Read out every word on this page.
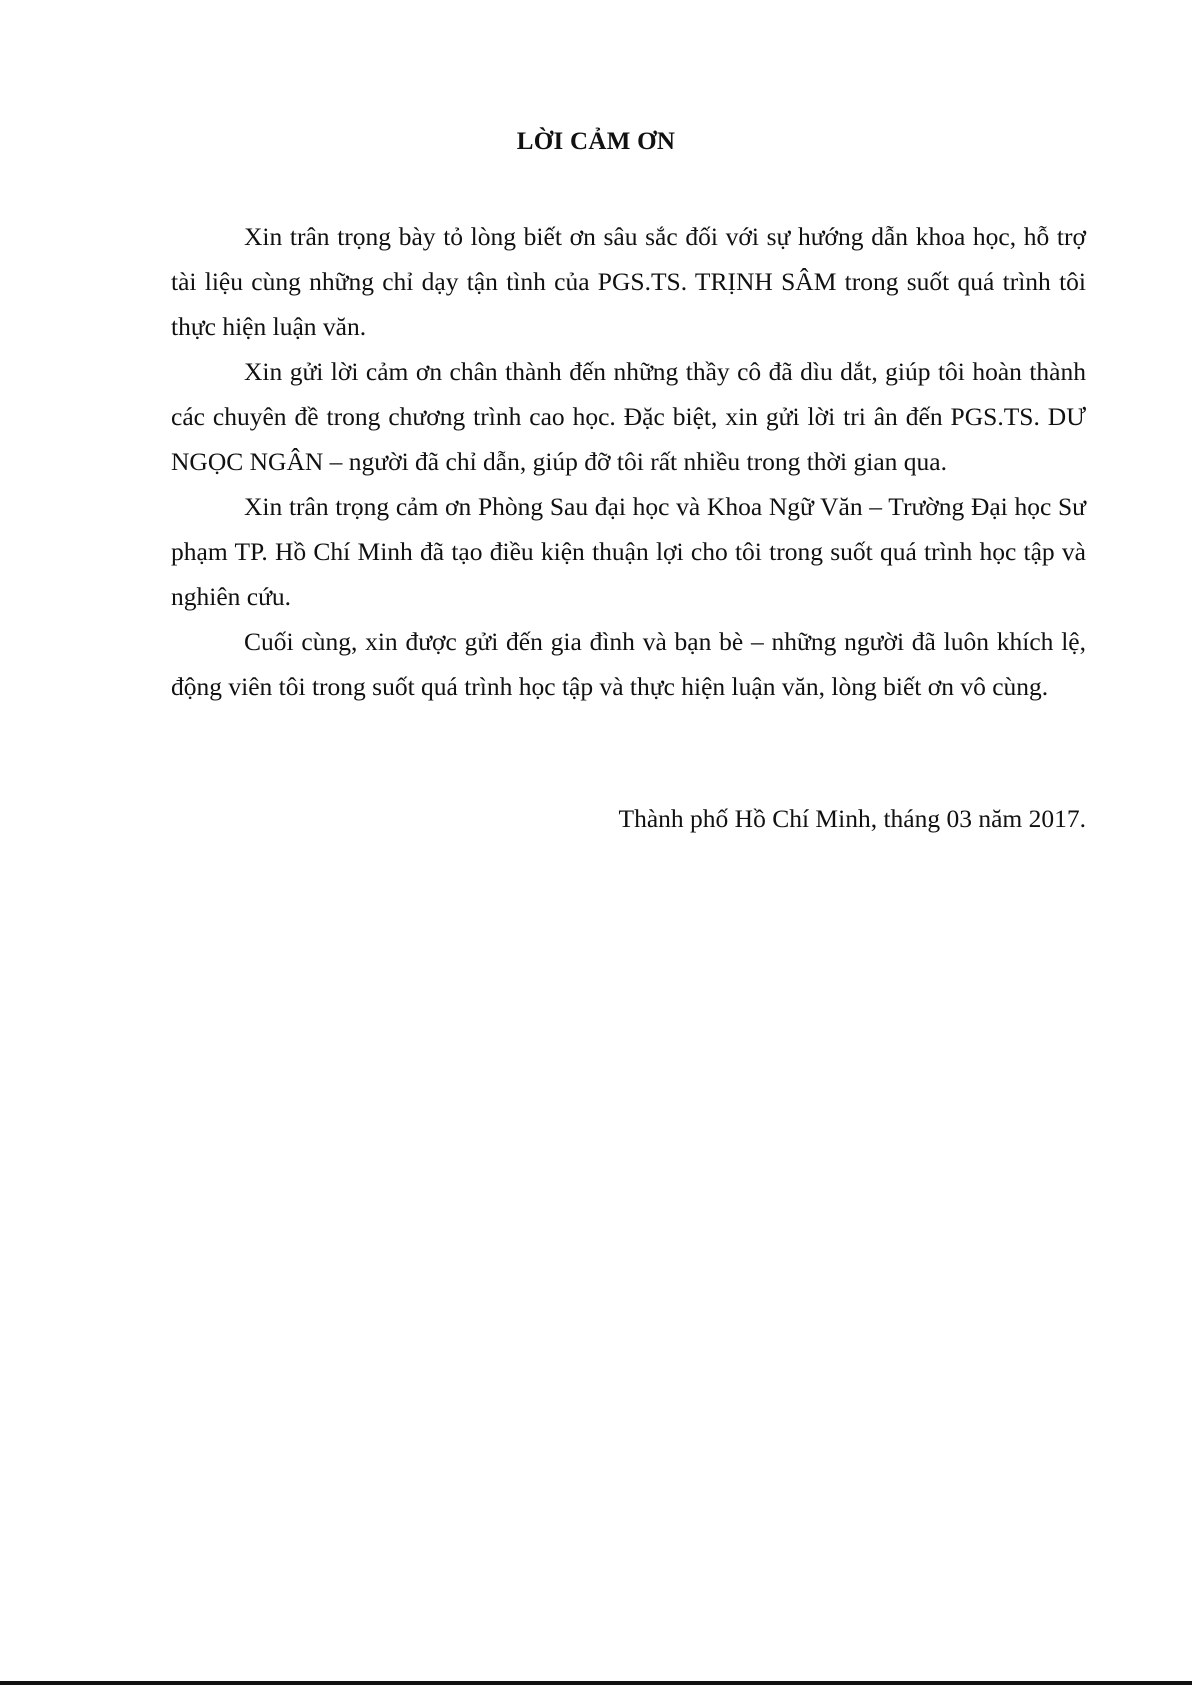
LỜI CẢM ƠN

Xin trân trọng bày tỏ lòng biết ơn sâu sắc đối với sự hướng dẫn khoa học, hỗ trợ tài liệu cùng những chỉ dạy tận tình của PGS.TS. TRỊNH SÂM trong suốt quá trình tôi thực hiện luận văn.

Xin gửi lời cảm ơn chân thành đến những thầy cô đã dìu dắt, giúp tôi hoàn thành các chuyên đề trong chương trình cao học. Đặc biệt, xin gửi lời tri ân đến PGS.TS. DƯ NGỌC NGÂN – người đã chỉ dẫn, giúp đỡ tôi rất nhiều trong thời gian qua.

Xin trân trọng cảm ơn Phòng Sau đại học và Khoa Ngữ Văn – Trường Đại học Sư phạm TP. Hồ Chí Minh đã tạo điều kiện thuận lợi cho tôi trong suốt quá trình học tập và nghiên cứu.

Cuối cùng, xin được gửi đến gia đình và bạn bè – những người đã luôn khích lệ, động viên tôi trong suốt quá trình học tập và thực hiện luận văn, lòng biết ơn vô cùng.

Thành phố Hồ Chí Minh, tháng 03 năm 2017.
